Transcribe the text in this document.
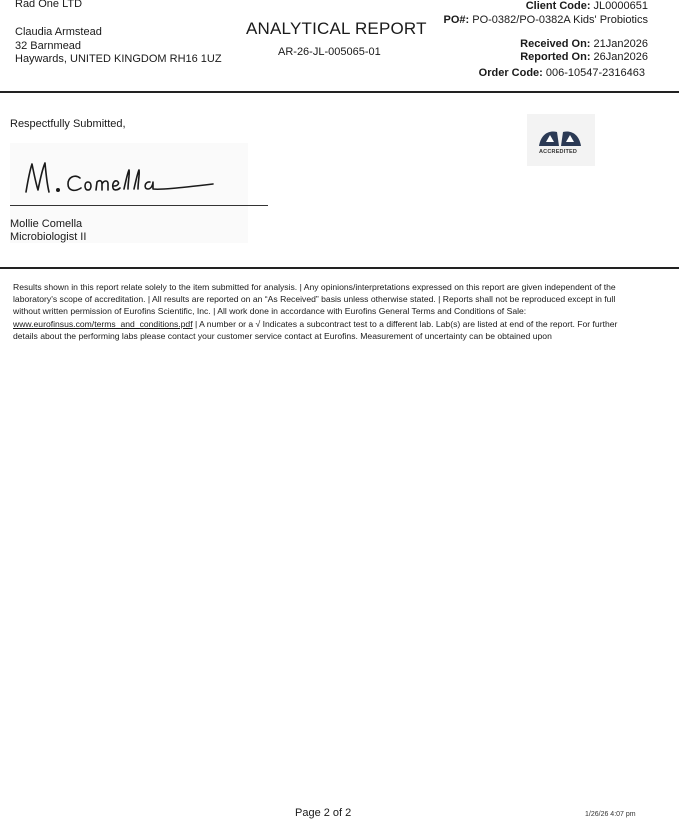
Rad One LTD
Claudia Armstead
32 Barnmead
Haywards, UNITED KINGDOM RH16 1UZ
ANALYTICAL REPORT
AR-26-JL-005065-01
Client Code: JL0000651
PO#: PO-0382/PO-0382A Kids' Probiotics
Received On: 21Jan2026
Reported On: 26Jan2026
Order Code: 006-10547-2316463
Respectfully Submitted,
Mollie Comella
Microbiologist II
ACCREDITED

Results shown in this report relate solely to the item submitted for analysis. | Any opinions/interpretations expressed on this report are given independent of the laboratory's scope of accreditation. | All results are reported on an “As Received” basis unless otherwise stated. | Reports shall not be reproduced except in full without written permission of Eurofins Scientific, Inc. | All work done in accordance with Eurofins General Terms and Conditions of Sale: www.eurofinsus.com/terms_and_conditions.pdf | A number or a √ Indicates a subcontract test to a different lab. Lab(s) are listed at end of the report. For further details about the performing labs please contact your customer service contact at Eurofins. Measurement of uncertainty can be obtained upon

Page 2 of 2	1/26/26 4:07 pm
